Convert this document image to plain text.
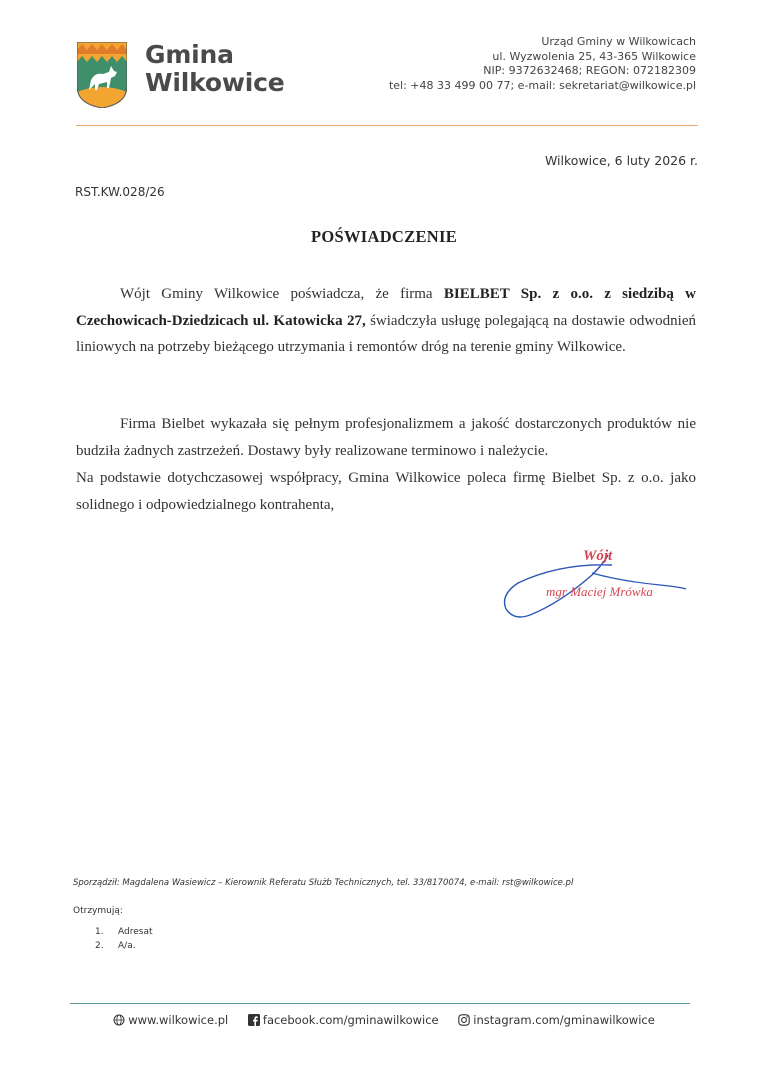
Gmina
Wilkowice
Urząd Gminy w Wilkowicach
ul. Wyzwolenia 25, 43-365 Wilkowice
NIP: 9372632468; REGON: 072182309
tel: +48 33 499 00 77; e-mail: sekretariat@wilkowice.pl
Wilkowice, 6 luty 2026 r.
RST.KW.028/26
POŚWIADCZENIE
Wójt Gminy Wilkowice poświadcza, że firma BIELBET Sp. z o.o. z siedzibą w Czechowicach-Dziedzicach ul. Katowicka 27, świadczyła usługę polegającą na dostawie odwodnień liniowych na potrzeby bieżącego utrzymania i remontów dróg na terenie gminy Wilkowice.
Firma Bielbet wykazała się pełnym profesjonalizmem a jakość dostarczonych produktów nie budziła żadnych zastrzeżeń. Dostawy były realizowane terminowo i należycie.
Na podstawie dotychczasowej współpracy, Gmina Wilkowice poleca firmę Bielbet Sp. z o.o. jako solidnego i odpowiedzialnego kontrahenta,
Wójt
mgr Maciej Mrówka
Sporządził: Magdalena Wasiewicz – Kierownik Referatu Służb Technicznych, tel. 33/8170074, e-mail: rst@wilkowice.pl
Otrzymują:
1. Adresat
2. A/a.
www.wilkowice.pl	facebook.com/gminawilkowice	instagram.com/gminawilkowice
